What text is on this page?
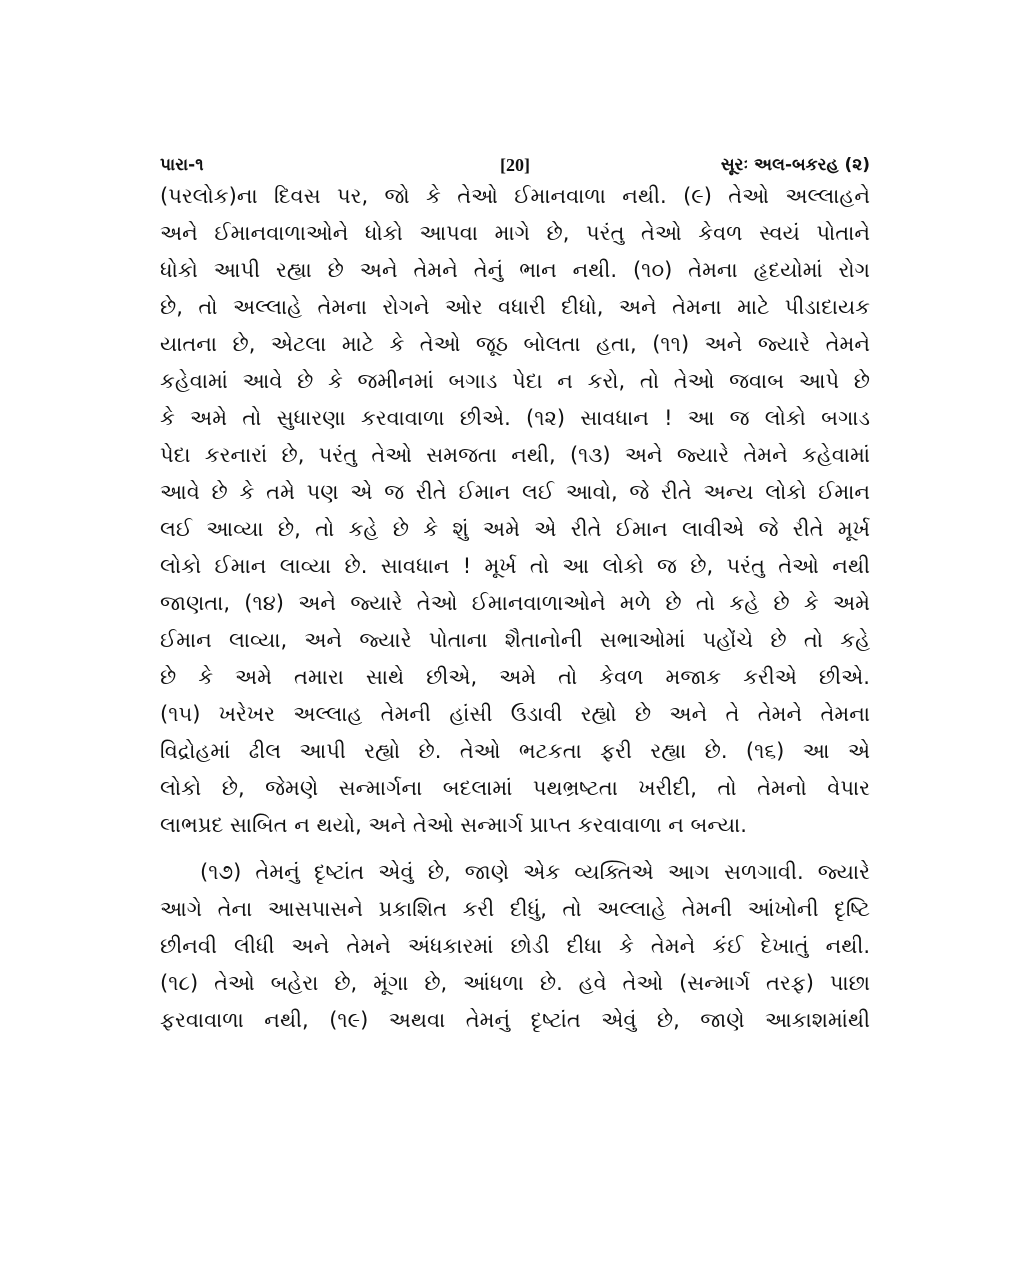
પારા-૧	[20]	સૂરઃ અલ-બકરહ (૨)
(પરલોક)ના દિવસ પર, જો કે તેઓ ઈમાનવાળા નથી. (૯) તેઓ અલ્લાહને
અને ઈમાનવાળાઓને ધોકો આપવા માગે છે, પરંતુ તેઓ કેવળ સ્વયં પોતાને
ધોકો આપી રહ્યા છે અને તેમને તેનું ભાન નથી. (૧૦) તેમના હૃદયોમાં રોગ
છે, તો અલ્લાહે તેમના રોગને ઓર વધારી દીધો, અને તેમના માટે પીડાદાયક
યાતના છે, એટલા માટે કે તેઓ જૂઠ બોલતા હતા, (૧૧) અને જ્યારે તેમને
કહેવામાં આવે છે કે જમીનમાં બગાડ પેદા ન કરો, તો તેઓ જવાબ આપે છે
કે અમે તો સુધારણા કરવાવાળા છીએ. (૧૨) સાવધાન ! આ જ લોકો બગાડ
પેદા કરનારાં છે, પરંતુ તેઓ સમજતા નથી, (૧૩) અને જ્યારે તેમને કહેવામાં
આવે છે કે તમે પણ એ જ રીતે ઈમાન લઈ આવો, જે રીતે અન્ય લોકો ઈમાન
લઈ આવ્યા છે, તો કહે છે કે શું અમે એ રીતે ઈમાન લાવીએ જે રીતે મૂર્ખ
લોકો ઈમાન લાવ્યા છે. સાવધાન ! મૂર્ખ તો આ લોકો જ છે, પરંતુ તેઓ નથી
જાણતા, (૧૪) અને જ્યારે તેઓ ઈમાનવાળાઓને મળે છે તો કહે છે કે અમે
ઈમાન લાવ્યા, અને જ્યારે પોતાના શૈતાનોની સભાઓમાં પહોંચે છે તો કહે
છે કે અમે તમારા સાથે છીએ, અમે તો કેવળ મજાક કરીએ છીએ.
(૧૫) ખરેખર અલ્લાહ તેમની હાંસી ઉડાવી રહ્યો છે અને તે તેમને તેમના
વિદ્રોહમાં ઢીલ આપી રહ્યો છે. તેઓ ભટકતા ફરી રહ્યા છે. (૧૬) આ એ
લોકો છે, જેમણે સન્માર્ગના બદલામાં પથભ્રષ્ટતા ખરીદી, તો તેમનો વેપાર
લાભપ્રદ સાબિત ન થયો, અને તેઓ સન્માર્ગ પ્રાપ્ત કરવાવાળા ન બન્યા.
(૧૭) તેમનું દૃષ્ટાંત એવું છે, જાણે એક વ્યક્તિએ આગ સળગાવી. જ્યારે
આગે તેના આસપાસને પ્રકાશિત કરી દીધું, તો અલ્લાહે તેમની આંખોની દૃષ્ટિ
છીનવી લીધી અને તેમને અંધકારમાં છોડી દીધા કે તેમને કંઈ દેખાતું નથી.
(૧૮) તેઓ બહેરા છે, મૂંગા છે, આંધળા છે. હવે તેઓ (સન્માર્ગ તરફ) પાછા
ફરવાવાળા નથી, (૧૯) અથવા તેમનું દૃષ્ટાંત એવું છે, જાણે આકાશમાંથી
